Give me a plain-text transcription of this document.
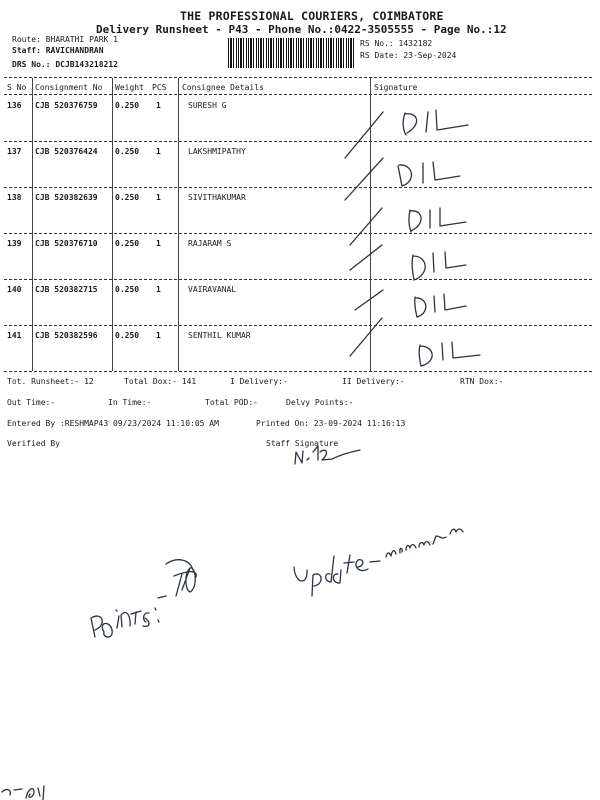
THE PROFESSIONAL COURIERS, COIMBATORE
Delivery Runsheet - P43 - Phone No.:0422-3505555 - Page No.:12
Route: BHARATHI PARK 1
Staff: RAVICHANDRAN
DRS No.: DCJB143218212
RS No.: 1432182
RS Date: 23-Sep-2024
S No Consignment No Weight PCS Consignee Details	Signature
136 CJB 520376759 0.250 1	SURESH G
137 CJB 520376424 0.250 1	LAKSHMIPATHY
138 CJB 520382639 0.250 1	SIVITHAKUMAR
139 CJB 520376710 0.250 1	RAJARAM S
140 CJB 520382715 0.250 1	VAIRAVANAL
141 CJB 520382596 0.250 1	SENTHIL KUMAR
Tot. Runsheet:- 12	Total Dox:- 141	I Delivery:-	II Delivery:-	RTN Dox:-
Out Time:-	In Time:-	Total POD:-	Delvy Points:-
Entered By :RESHMAP43 09/23/2024 11:10:05 AM	Printed On: 23-09-2024 11:16:13
Verified By	Staff Signature
